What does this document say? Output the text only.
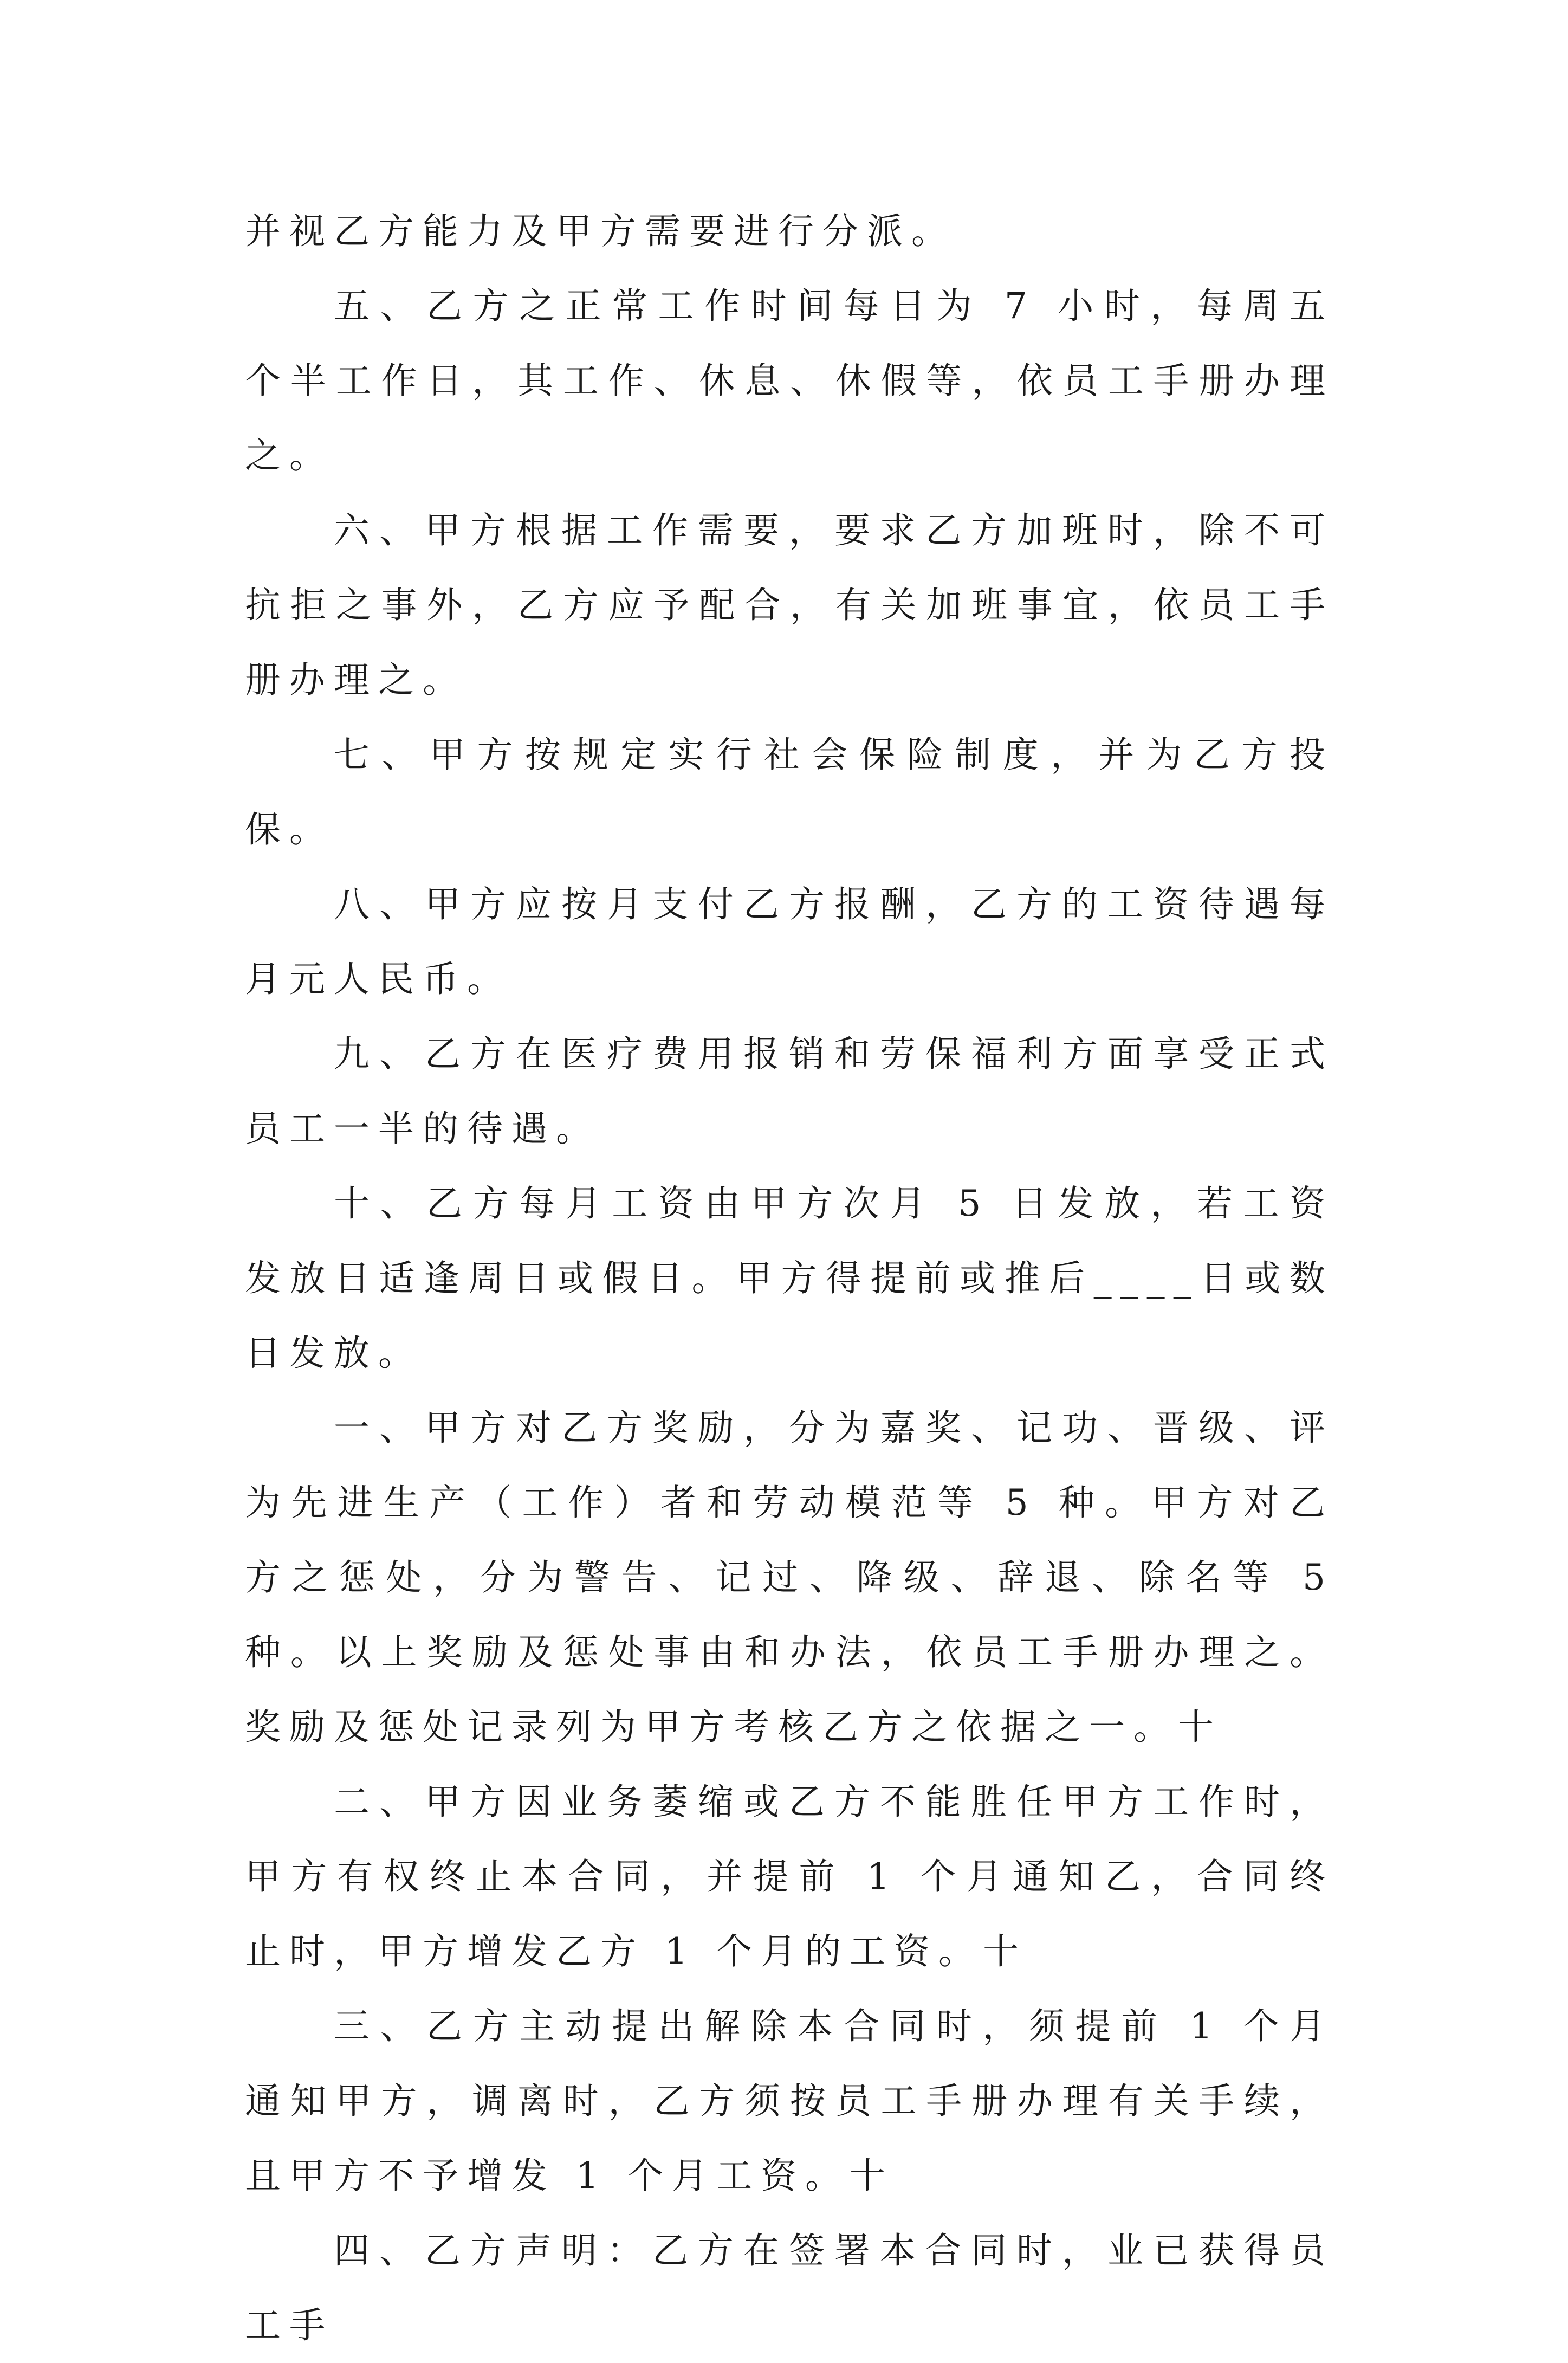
并视乙方能力及甲方需要进行分派。

五、乙方之正常工作时间每日为 7 小时，每周五个半工作日，其工作、休息、休假等，依员工手册办理之。

六、甲方根据工作需要，要求乙方加班时，除不可抗拒之事外，乙方应予配合，有关加班事宜，依员工手册办理之。

七、甲方按规定实行社会保险制度，并为乙方投保。

八、甲方应按月支付乙方报酬，乙方的工资待遇每月元人民币。

九、乙方在医疗费用报销和劳保福利方面享受正式员工一半的待遇。

十、乙方每月工资由甲方次月 5 日发放，若工资发放日适逢周日或假日。甲方得提前或推后____日或数日发放。

一、甲方对乙方奖励，分为嘉奖、记功、晋级、评为先进生产（工作）者和劳动模范等 5 种。甲方对乙方之惩处，分为警告、记过、降级、辞退、除名等 5 种。以上奖励及惩处事由和办法，依员工手册办理之。奖励及惩处记录列为甲方考核乙方之依据之一。十

二、甲方因业务萎缩或乙方不能胜任甲方工作时，甲方有权终止本合同，并提前 1 个月通知乙，合同终止时，甲方增发乙方 1 个月的工资。十

三、乙方主动提出解除本合同时，须提前 1 个月通知甲方，调离时，乙方须按员工手册办理有关手续，且甲方不予增发 1 个月工资。十

四、乙方声明：乙方在签署本合同时，业已获得员工手
